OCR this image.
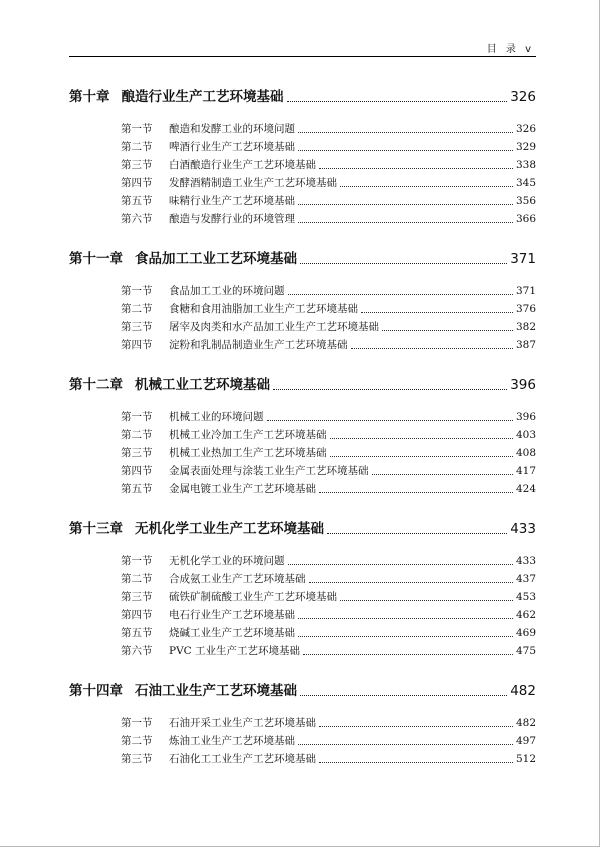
目 录 v
第十章 酿造行业生产工艺环境基础	326
第一节	酿造和发酵工业的环境问题	326
第二节	啤酒行业生产工艺环境基础	329
第三节	白酒酿造行业生产工艺环境基础	338
第四节	发酵酒精制造工业生产工艺环境基础	345
第五节	味精行业生产工艺环境基础	356
第六节	酿造与发酵行业的环境管理	366
第十一章 食品加工工业工艺环境基础	371
第一节	食品加工工业的环境问题	371
第二节	食糖和食用油脂加工业生产工艺环境基础	376
第三节	屠宰及肉类和水产品加工业生产工艺环境基础	382
第四节	淀粉和乳制品制造业生产工艺环境基础	387
第十二章 机械工业工艺环境基础	396
第一节	机械工业的环境问题	396
第二节	机械工业冷加工生产工艺环境基础	403
第三节	机械工业热加工生产工艺环境基础	408
第四节	金属表面处理与涂装工业生产工艺环境基础	417
第五节	金属电镀工业生产工艺环境基础	424
第十三章 无机化学工业生产工艺环境基础	433
第一节	无机化学工业的环境问题	433
第二节	合成氨工业生产工艺环境基础	437
第三节	硫铁矿制硫酸工业生产工艺环境基础	453
第四节	电石行业生产工艺环境基础	462
第五节	烧碱工业生产工艺环境基础	469
第六节	PVC 工业生产工艺环境基础	475
第十四章 石油工业生产工艺环境基础	482
第一节	石油开采工业生产工艺环境基础	482
第二节	炼油工业生产工艺环境基础	497
第三节	石油化工工业生产工艺环境基础	512
